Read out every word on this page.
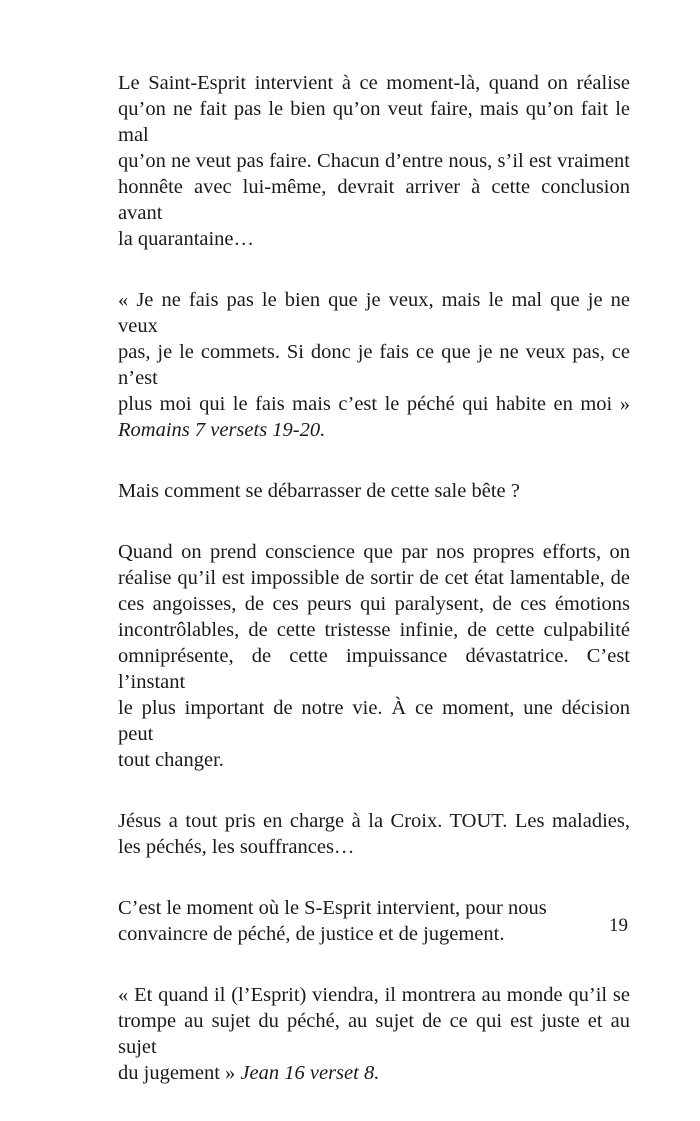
Le Saint-Esprit intervient à ce moment-là, quand on réalise
qu’on ne fait pas le bien qu’on veut faire, mais qu’on fait le mal
qu’on ne veut pas faire. Chacun d’entre nous, s’il est vraiment
honnête avec lui-même, devrait arriver à cette conclusion avant
la quarantaine…
« Je ne fais pas le bien que je veux, mais le mal que je ne veux
pas, je le commets. Si donc je fais ce que je ne veux pas, ce n’est
plus moi qui le fais mais c’est le péché qui habite en moi »
Romains 7 versets 19-20.
Mais comment se débarrasser de cette sale bête ?
Quand on prend conscience que par nos propres efforts, on
réalise qu’il est impossible de sortir de cet état lamentable, de
ces angoisses, de ces peurs qui paralysent, de ces émotions
incontrôlables, de cette tristesse infinie, de cette culpabilité
omniprésente, de cette impuissance dévastatrice. C’est l’instant
le plus important de notre vie. À ce moment, une décision peut
tout changer.
Jésus a tout pris en charge à la Croix. TOUT. Les maladies,
les péchés, les souffrances…
C’est le moment où le S-Esprit intervient, pour nous
convaincre de péché, de justice et de jugement.
« Et quand il (l’Esprit) viendra, il montrera au monde qu’il se
trompe au sujet du péché, au sujet de ce qui est juste et au sujet
du jugement » Jean 16 verset 8.
19
